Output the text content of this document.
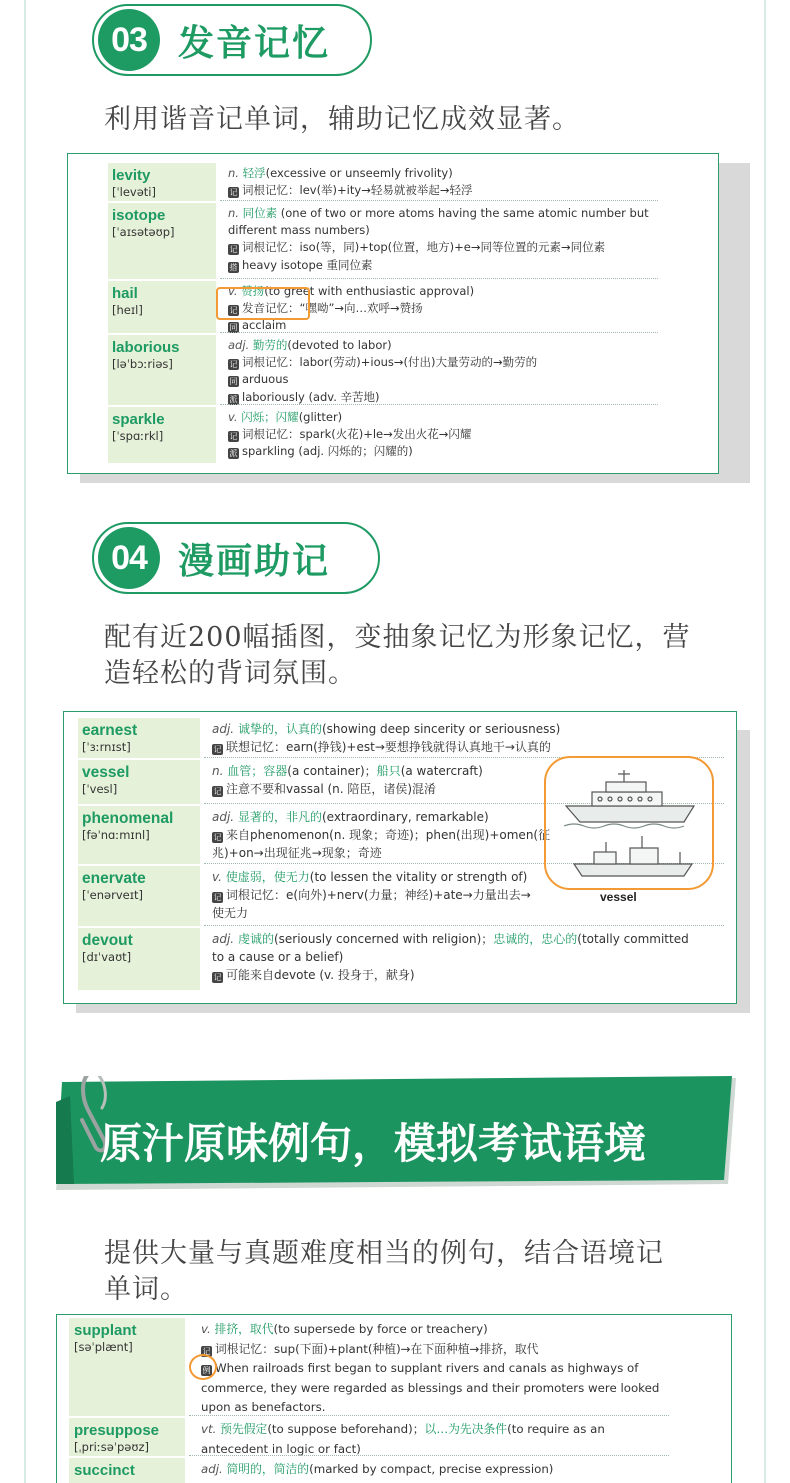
03 发音记忆
利用谐音记单词，辅助记忆成效显著。
levity
[ˈlevəti]
n. 轻浮(excessive or unseemly frivolity)
记 词根记忆：lev(举)+ity→轻易就被举起→轻浮
isotope
[ˈaɪsətəʊp]
n. 同位素 (one of two or more atoms having the same atomic number but
different mass numbers)
记 词根记忆：iso(等，同)+top(位置，地方)+e→同等位置的元素→同位素
搭 heavy isotope 重同位素
hail
[heɪl]
v. 赞扬(to greet with enthusiastic approval)
记 发音记忆：“嘿呦”→向…欢呼→赞扬
同 acclaim
laborious
[ləˈbɔːriəs]
adj. 勤劳的(devoted to labor)
记 词根记忆：labor(劳动)+ious→(付出)大量劳动的→勤劳的
同 arduous
派 laboriously (adv. 辛苦地)
sparkle
[ˈspɑːrkl]
v. 闪烁；闪耀(glitter)
记 词根记忆：spark(火花)+le→发出火花→闪耀
派 sparkling (adj. 闪烁的；闪耀的)
04 漫画助记
配有近200幅插图，变抽象记忆为形象记忆，营
造轻松的背词氛围。
earnest
[ˈɜːrnɪst]
adj. 诚挚的，认真的(showing deep sincerity or seriousness)
记 联想记忆：earn(挣钱)+est→要想挣钱就得认真地干→认真的
vessel
[ˈvesl]
n. 血管；容器(a container)；船只(a watercraft)
记 注意不要和vassal (n. 陪臣，诸侯)混淆
phenomenal
[fəˈnɑːmɪnl]
adj. 显著的，非凡的(extraordinary, remarkable)
记 来自phenomenon(n. 现象；奇迹)；phen(出现)+omen(征
兆)+on→出现征兆→现象；奇迹
enervate
[ˈenərveɪt]
v. 使虚弱，使无力(to lessen the vitality or strength of)
记 词根记忆：e(向外)+nerv(力量；神经)+ate→力量出去→
使无力
devout
[dɪˈvaʊt]
adj. 虔诚的(seriously concerned with religion)；忠诚的，忠心的(totally committed
to a cause or a belief)
记 可能来自devote (v. 投身于，献身)
vessel
原汁原味例句，模拟考试语境
提供大量与真题难度相当的例句，结合语境记
单词。
supplant
[səˈplænt]
v. 排挤，取代(to supersede by force or treachery)
记 词根记忆：sup(下面)+plant(种植)→在下面种植→排挤，取代
例 When railroads first began to supplant rivers and canals as highways of
commerce, they were regarded as blessings and their promoters were looked
upon as benefactors.
presuppose
[ˌpriːsəˈpəʊz]
vt. 预先假定(to suppose beforehand)；以…为先决条件(to require as an
antecedent in logic or fact)
succinct	adj. 简明的，简洁的(marked by compact, precise expression)
